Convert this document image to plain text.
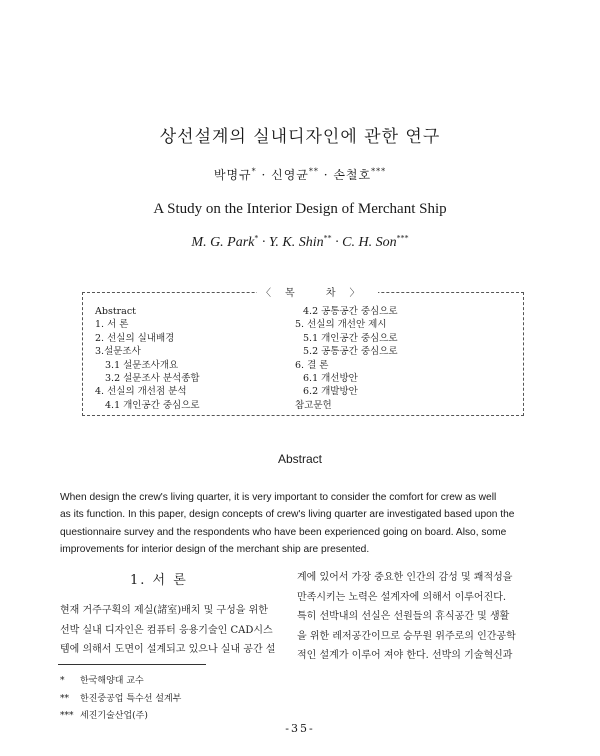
상선설계의 실내디자인에 관한 연구
박명규* · 신영균** · 손철호***
A Study on the Interior Design of Merchant Ship
M. G. Park* · Y. K. Shin** · C. H. Son***
〈목 차〉
Abstract
1. 서 론
2. 선실의 실내배경
3.설문조사
3.1 설문조사개요
3.2 설문조사 분석종합
4. 선실의 개선점 분석
4.1 개인공간 중심으로
4.2 공통공간 중심으로
5. 선실의 개선안 제시
5.1 개인공간 중심으로
5.2 공통공간 중심으로
6. 결 론
6.1 개선방안
6.2 개발방안
참고문헌
Abstract
When design the crew's living quarter, it is very important to consider the comfort for crew as well
as its function. In this paper, design concepts of crew's living quarter are investigated based upon the
questionnaire survey and the respondents who have been experienced going on board. Also, some
improvements for interior design of the merchant ship are presented.
1. 서 론
현재 거주구획의 제실(諸室)배치 및 구성을 위한
선박 실내 디자인은 컴퓨터 응용기술인 CAD시스
템에 의해서 도면이 설계되고 있으나 실내 공간 설
계에 있어서 가장 중요한 인간의 감성 및 쾌적성을
만족시키는 노력은 설계자에 의해서 이루어진다.
특히 선박내의 선실은 선원들의 휴식공간 및 생활
을 위한 레저공간이므로 승무원 위주로의 인간공학
적인 설계가 이루어 져야 한다. 선박의 기술혁신과
* 한국해양대 교수
** 한진중공업 특수선 설계부
*** 세진기술산업(주)
-35-
